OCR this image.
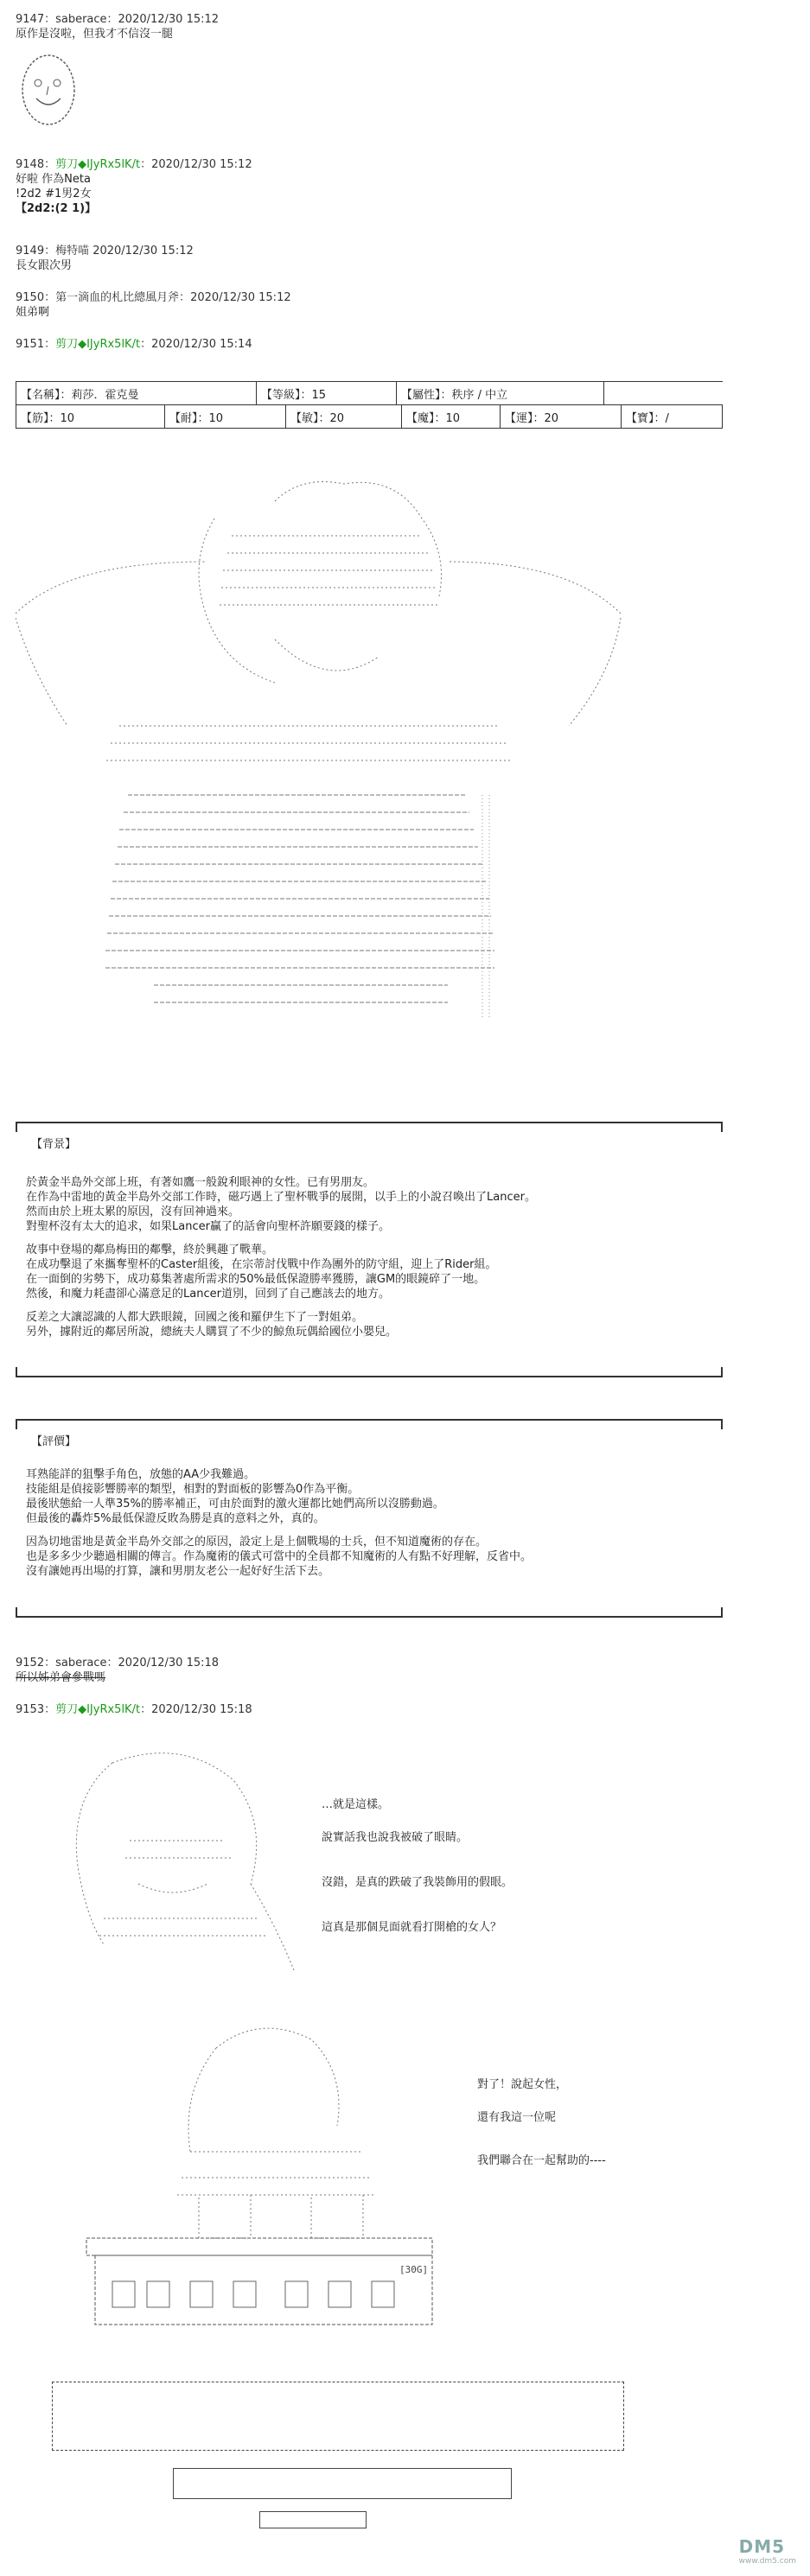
9147：saberace：2020/12/30 15:12
原作是沒啦，但我才不信沒一腿
9148：剪刀◆IJyRx5lK/t：2020/12/30 15:12
好啦 作為Neta
!2d2 #1男2女
【2d2:(2 1)】
9149：梅特喵 2020/12/30 15:12
長女跟次男
9150：第一滴血的札比總風月斧：2020/12/30 15:12
姐弟啊
9151：剪刀◆IJyRx5lK/t：2020/12/30 15:14
【名稱】：莉莎．霍克曼	【等級】：15	【屬性】：秩序 / 中立
【筋】：10	【耐】：10	【敏】：20	【魔】：10	【運】：20	【寶】：/
【背景】
於黃金半島外交部上班，有著如鷹一般銳利眼神的女性。已有男朋友。
在作為中雷地的黃金半島外交部工作時，磁巧遇上了聖杯戰爭的展開，以手上的小說召喚出了Lancer。
然而由於上班太累的原因，沒有回神過來。
對聖杯沒有太大的追求，如果Lancer贏了的話會向聖杯許願要錢的樣子。
故事中登場的鄰鳥梅田的鄰擊，終於興趣了戰華。
在成功擊退了來攜奪聖杯的Caster組後，在宗蒂討伐戰中作為團外的防守組，迎上了Rider組。
在一面倒的劣勢下，成功募集著處所需求的50%最低保證勝率獲勝，讓GM的眼鏡碎了一地。
然後，和魔力耗盡卻心滿意足的Lancer道別，回到了自己應該去的地方。
反差之大讓認識的人都大跌眼鏡，回國之後和羅伊生下了一對姐弟。
另外，據附近的鄰居所說，總統夫人購買了不少的鯨魚玩偶給國位小嬰兒。
【評價】
耳熟能詳的狙擊手角色，放態的AA少我難過。
技能組是偵接影響勝率的類型，相對的對面板的影響為0作為平衡。
最後狀態給一人準35%的勝率補正，可由於面對的激火運都比她們高所以沒勝動過。
但最後的轟炸5%最低保證反敗為勝是真的意料之外，真的。
因為切地雷地是黃金半島外交部之的原因，設定上是上個戰場的士兵，但不知道魔術的存在。
也是多多少少聽過相關的傳言。作為魔術的儀式可當中的全員都不知魔術的人有點不好理解，反省中。
沒有讓她再出場的打算，讓和男朋友老公一起好好生活下去。
9152：saberace：2020/12/30 15:18
所以姊弟會參戰嗎
9153：剪刀◆IJyRx5lK/t：2020/12/30 15:18
…就是這樣。
說實話我也說我被破了眼睛。
沒錯，是真的跌破了我裝飾用的假眼。
這真是那個見面就看打開槍的女人？
[30G]
對了！說起女性，
還有我這一位呢
我們聯合在一起幫助的----
DM5
www.dm5.com
